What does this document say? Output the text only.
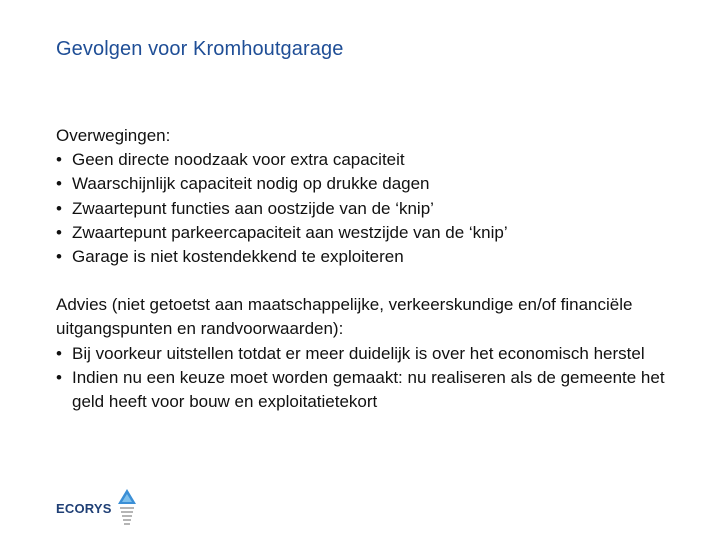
Gevolgen voor Kromhoutgarage
Overwegingen:
• Geen directe noodzaak voor extra capaciteit
• Waarschijnlijk capaciteit nodig op drukke dagen
• Zwaartepunt functies aan oostzijde van de ‘knip’
• Zwaartepunt parkeercapaciteit aan westzijde van de ‘knip’
• Garage is niet kostendekkend te exploiteren
Advies (niet getoetst aan maatschappelijke, verkeerskundige en/of financiële uitgangspunten en randvoorwaarden):
• Bij voorkeur uitstellen totdat er meer duidelijk is over het economisch herstel
• Indien nu een keuze moet worden gemaakt: nu realiseren als de gemeente het geld heeft voor bouw en exploitatietekort
ECORYS
